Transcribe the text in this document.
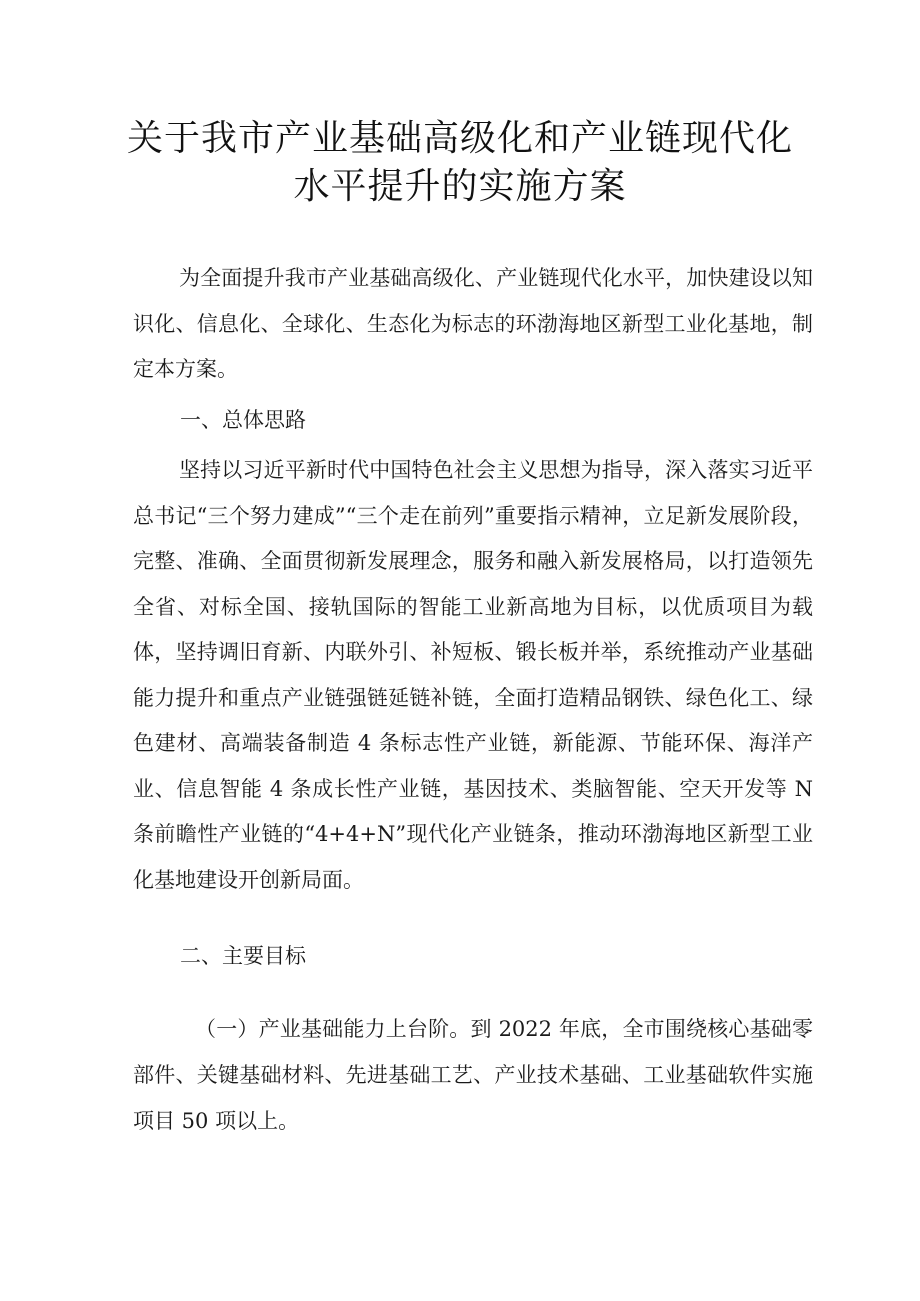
关于我市产业基础高级化和产业链现代化
水平提升的实施方案

为全面提升我市产业基础高级化、产业链现代化水平，加快建设以知识化、信息化、全球化、生态化为标志的环渤海地区新型工业化基地，制定本方案。

一、总体思路

坚持以习近平新时代中国特色社会主义思想为指导，深入落实习近平总书记“三个努力建成”“三个走在前列”重要指示精神，立足新发展阶段，完整、准确、全面贯彻新发展理念，服务和融入新发展格局，以打造领先全省、对标全国、接轨国际的智能工业新高地为目标，以优质项目为载体，坚持调旧育新、内联外引、补短板、锻长板并举，系统推动产业基础能力提升和重点产业链强链延链补链，全面打造精品钢铁、绿色化工、绿色建材、高端装备制造 4 条标志性产业链，新能源、节能环保、海洋产业、信息智能 4 条成长性产业链，基因技术、类脑智能、空天开发等 N 条前瞻性产业链的“4+4+N”现代化产业链条，推动环渤海地区新型工业化基地建设开创新局面。

二、主要目标

（一）产业基础能力上台阶。到 2022 年底，全市围绕核心基础零部件、关键基础材料、先进基础工艺、产业技术基础、工业基础软件实施项目 50 项以上。
